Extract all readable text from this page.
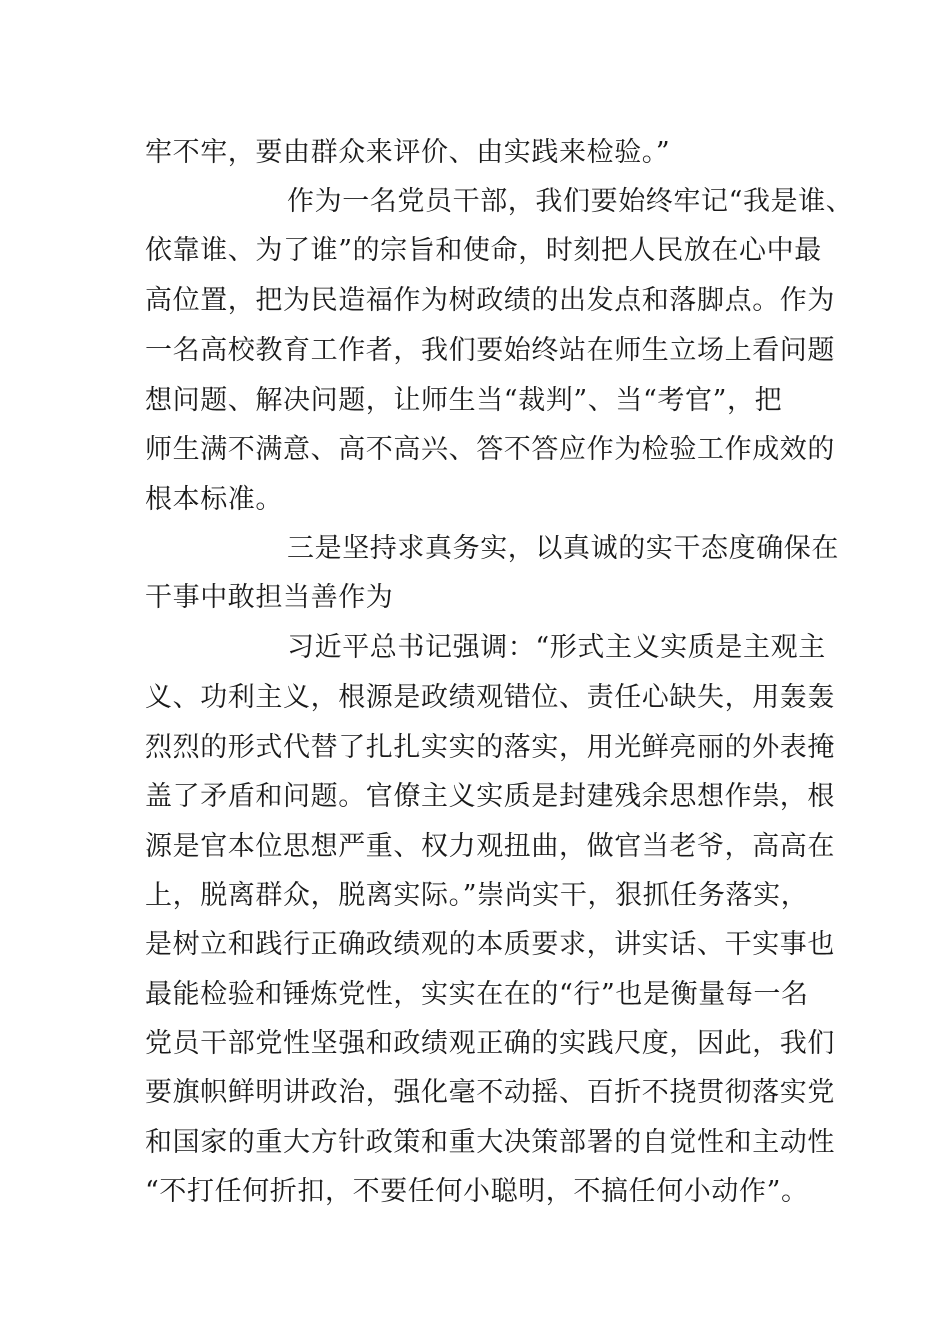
牢不牢，要由群众来评价、由实践来检验。”
作为一名党员干部，我们要始终牢记“我是谁、
依靠谁、为了谁”的宗旨和使命，时刻把人民放在心中最
高位置，把为民造福作为树政绩的出发点和落脚点。作为
一名高校教育工作者，我们要始终站在师生立场上看问题
想问题、解决问题，让师生当“裁判”、当“考官”，把
师生满不满意、高不高兴、答不答应作为检验工作成效的
根本标准。
三是坚持求真务实，以真诚的实干态度确保在
干事中敢担当善作为
习近平总书记强调：“形式主义实质是主观主
义、功利主义，根源是政绩观错位、责任心缺失，用轰轰
烈烈的形式代替了扎扎实实的落实，用光鲜亮丽的外表掩
盖了矛盾和问题。官僚主义实质是封建残余思想作祟，根
源是官本位思想严重、权力观扭曲，做官当老爷，高高在
上，脱离群众，脱离实际。”崇尚实干，狠抓任务落实，
是树立和践行正确政绩观的本质要求，讲实话、干实事也
最能检验和锤炼党性，实实在在的“行”也是衡量每一名
党员干部党性坚强和政绩观正确的实践尺度，因此，我们
要旗帜鲜明讲政治，强化毫不动摇、百折不挠贯彻落实党
和国家的重大方针政策和重大决策部署的自觉性和主动性
“不打任何折扣，不要任何小聪明，不搞任何小动作”。
